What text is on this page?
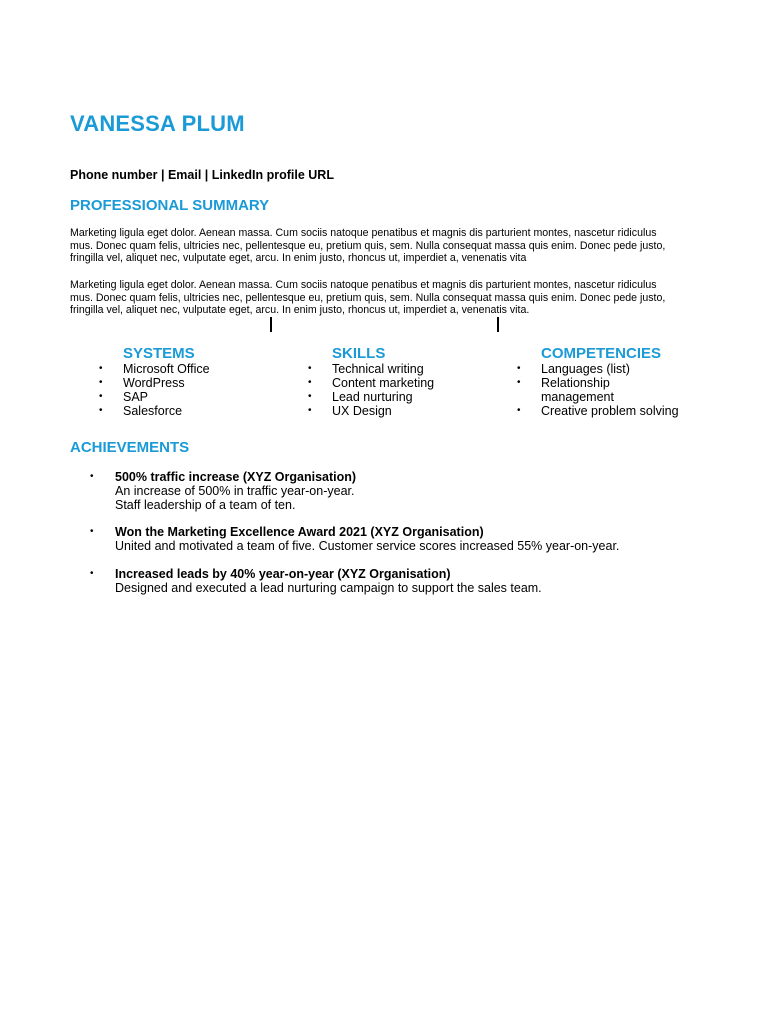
VANESSA PLUM
Phone number | Email | LinkedIn profile URL
PROFESSIONAL SUMMARY

Marketing ligula eget dolor. Aenean massa. Cum sociis natoque penatibus et magnis dis parturient montes, nascetur ridiculus mus. Donec quam felis, ultricies nec, pellentesque eu, pretium quis, sem. Nulla consequat massa quis enim. Donec pede justo, fringilla vel, aliquet nec, vulputate eget, arcu. In enim justo, rhoncus ut, imperdiet a, venenatis vita

Marketing ligula eget dolor. Aenean massa. Cum sociis natoque penatibus et magnis dis parturient montes, nascetur ridiculus mus. Donec quam felis, ultricies nec, pellentesque eu, pretium quis, sem. Nulla consequat massa quis enim. Donec pede justo, fringilla vel, aliquet nec, vulputate eget, arcu. In enim justo, rhoncus ut, imperdiet a, venenatis vita.

SYSTEMS
• Microsoft Office
• WordPress
• SAP
• Salesforce
SKILLS
• Technical writing
• Content marketing
• Lead nurturing
• UX Design
COMPETENCIES
• Languages (list)
• Relationship management
• Creative problem solving
ACHIEVEMENTS
• 500% traffic increase (XYZ Organisation)
An increase of 500% in traffic year-on-year.
Staff leadership of a team of ten.
• Won the Marketing Excellence Award 2021 (XYZ Organisation)
United and motivated a team of five. Customer service scores increased 55% year-on-year.
• Increased leads by 40% year-on-year (XYZ Organisation)
Designed and executed a lead nurturing campaign to support the sales team.
